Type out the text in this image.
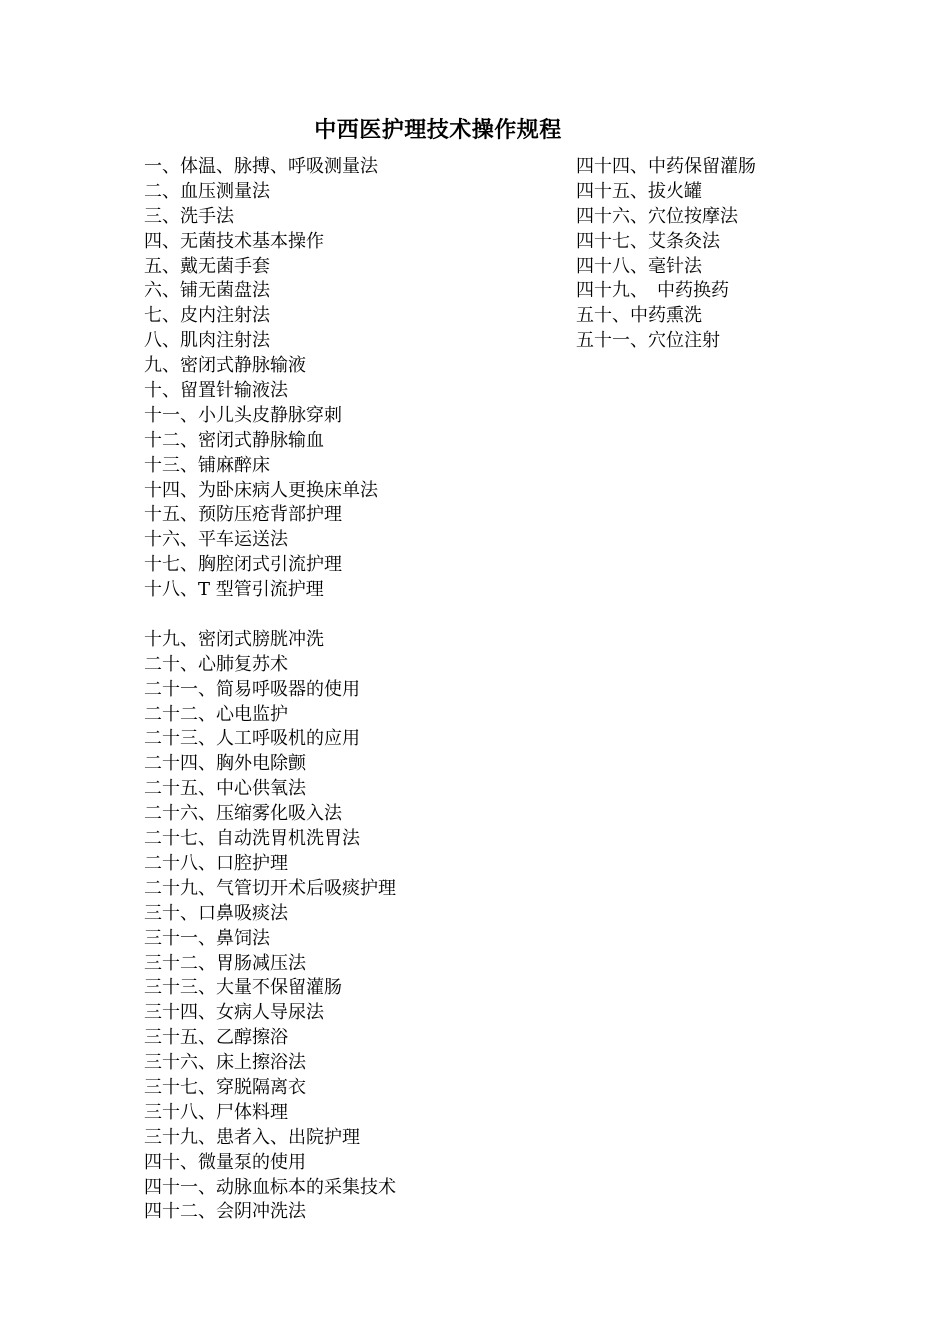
中西医护理技术操作规程
一、体温、脉搏、呼吸测量法
二、血压测量法
三、洗手法
四、无菌技术基本操作
五、戴无菌手套
六、铺无菌盘法
七、皮内注射法
八、肌肉注射法
九、密闭式静脉输液
十、留置针输液法
十一、小儿头皮静脉穿刺
十二、密闭式静脉输血
十三、铺麻醉床
十四、为卧床病人更换床单法
十五、预防压疮背部护理
十六、平车运送法
十七、胸腔闭式引流护理
十八、T 型管引流护理
十九、密闭式膀胱冲洗
二十、心肺复苏术
二十一、简易呼吸器的使用
二十二、心电监护
二十三、人工呼吸机的应用
二十四、胸外电除颤
二十五、中心供氧法
二十六、压缩雾化吸入法
二十七、自动洗胃机洗胃法
二十八、口腔护理
二十九、气管切开术后吸痰护理
三十、口鼻吸痰法
三十一、鼻饲法
三十二、胃肠减压法
三十三、大量不保留灌肠
三十四、女病人导尿法
三十五、乙醇擦浴
三十六、床上擦浴法
三十七、穿脱隔离衣
三十八、尸体料理
三十九、患者入、出院护理
四十、微量泵的使用
四十一、动脉血标本的采集技术
四十二、会阴冲洗法
四十四、中药保留灌肠
四十五、拔火罐
四十六、穴位按摩法
四十七、艾条灸法
四十八、毫针法
四十九、　中药换药
五十、中药熏洗
五十一、穴位注射
